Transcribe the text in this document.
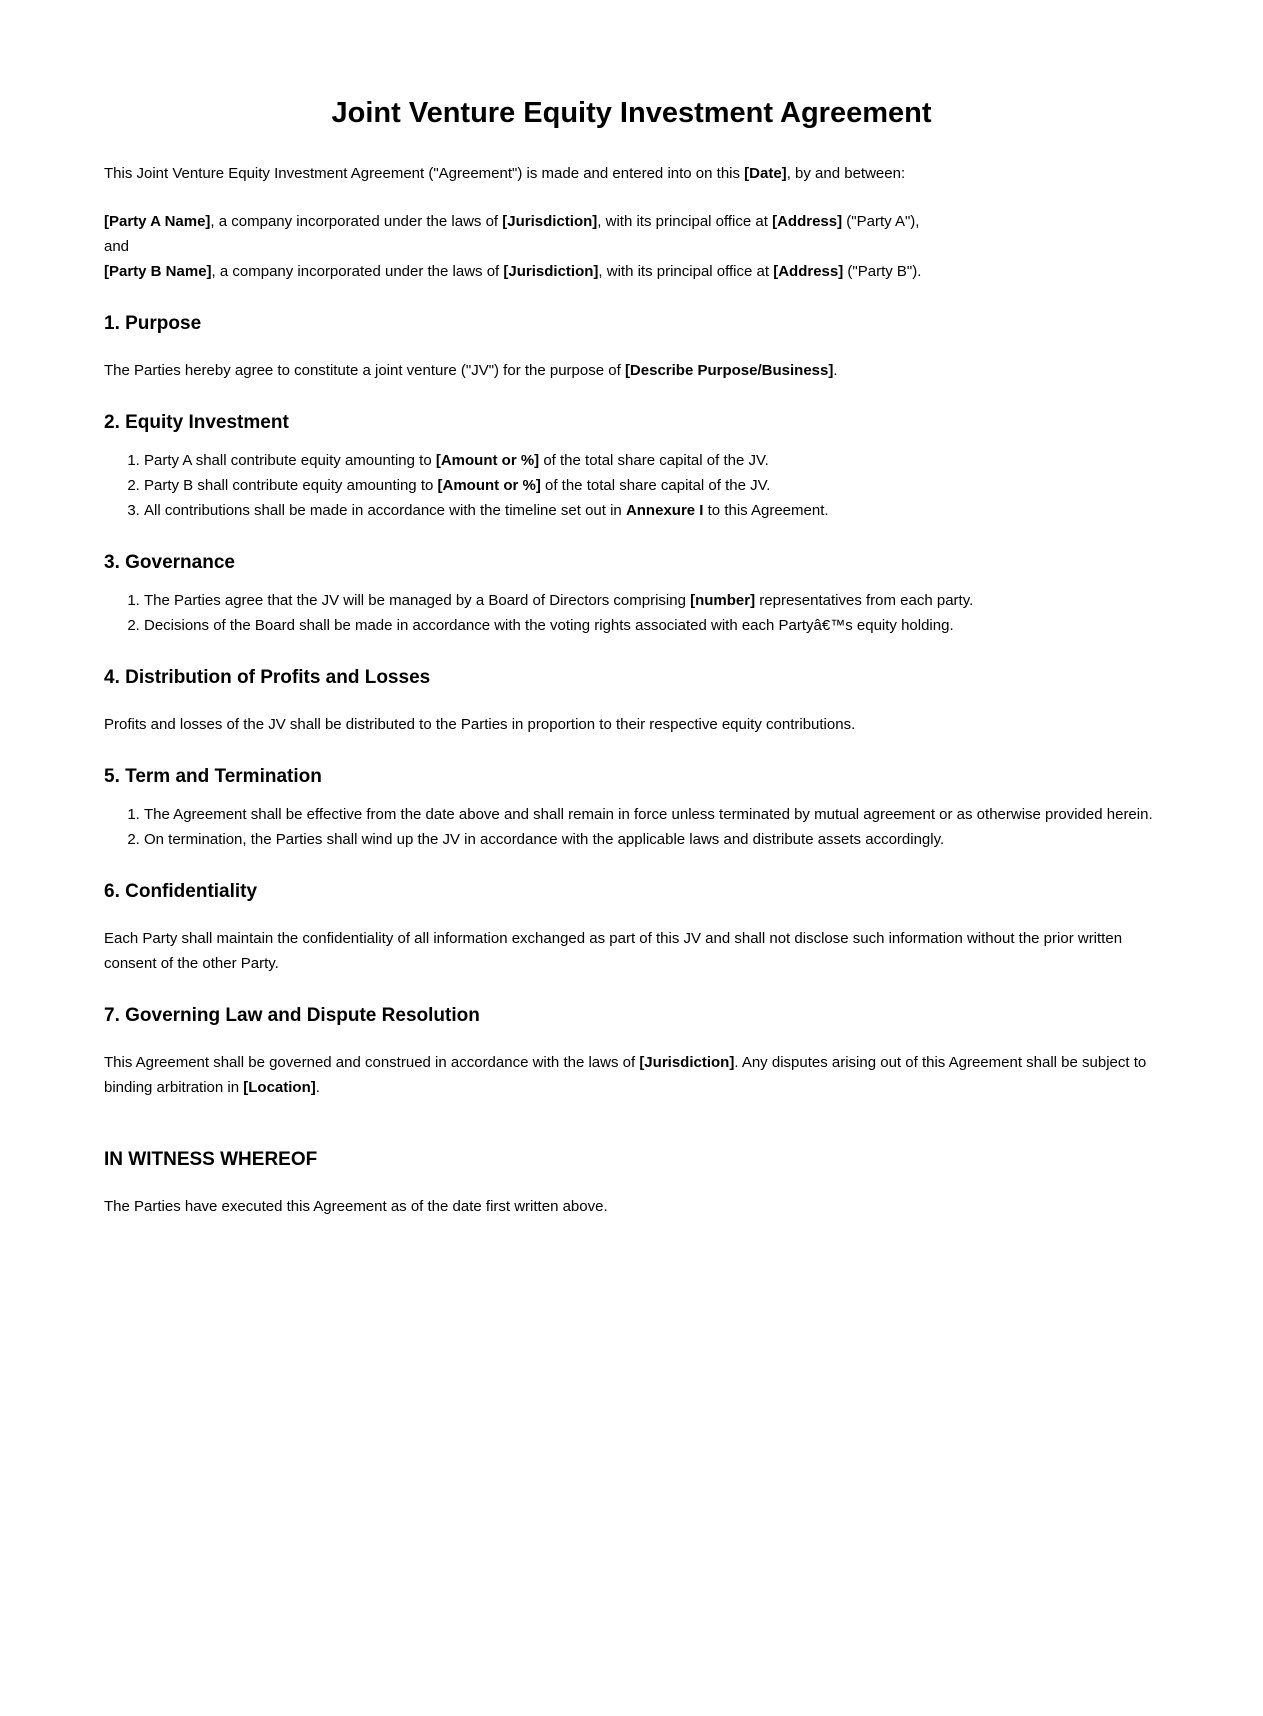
Joint Venture Equity Investment Agreement

This Joint Venture Equity Investment Agreement ("Agreement") is made and entered into on this [Date], by and between:

[Party A Name], a company incorporated under the laws of [Jurisdiction], with its principal office at [Address] ("Party A"),
and
[Party B Name], a company incorporated under the laws of [Jurisdiction], with its principal office at [Address] ("Party B").

1. Purpose

The Parties hereby agree to constitute a joint venture ("JV") for the purpose of [Describe Purpose/Business].

2. Equity Investment
1. Party A shall contribute equity amounting to [Amount or %] of the total share capital of the JV.
2. Party B shall contribute equity amounting to [Amount or %] of the total share capital of the JV.
3. All contributions shall be made in accordance with the timeline set out in Annexure I to this Agreement.
3. Governance
1. The Parties agree that the JV will be managed by a Board of Directors comprising [number] representatives from each party.
2. Decisions of the Board shall be made in accordance with the voting rights associated with each Partyâ€™s equity holding.
4. Distribution of Profits and Losses

Profits and losses of the JV shall be distributed to the Parties in proportion to their respective equity contributions.

5. Term and Termination
1. The Agreement shall be effective from the date above and shall remain in force unless terminated by mutual agreement or as otherwise provided herein.
2. On termination, the Parties shall wind up the JV in accordance with the applicable laws and distribute assets accordingly.
6. Confidentiality

Each Party shall maintain the confidentiality of all information exchanged as part of this JV and shall not disclose such information without the prior written consent of the other Party.

7. Governing Law and Dispute Resolution

This Agreement shall be governed and construed in accordance with the laws of [Jurisdiction]. Any disputes arising out of this Agreement shall be subject to binding arbitration in [Location].

IN WITNESS WHEREOF

The Parties have executed this Agreement as of the date first written above.
